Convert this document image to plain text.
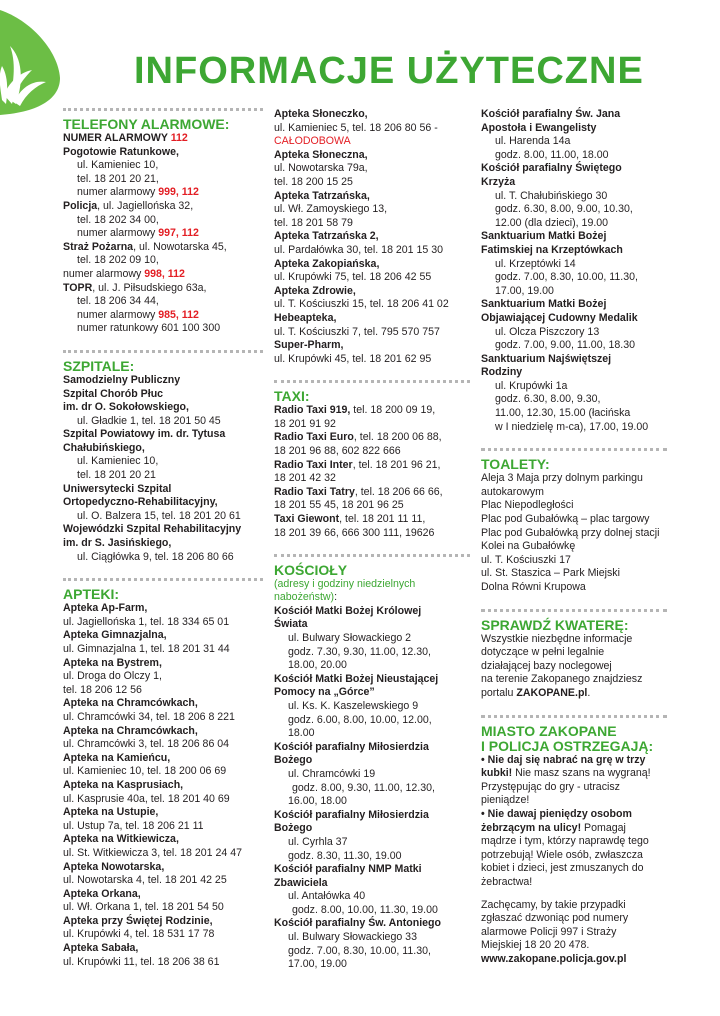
37
INFORMACJE UŻYTECZNE
TELEFONY ALARMOWE:
NUMER ALARMOWY 112
Pogotowie Ratunkowe,
ul. Kamieniec 10,
tel. 18 201 20 21,
numer alarmowy 999, 112
Policja, ul. Jagiellońska 32,
tel. 18 202 34 00,
numer alarmowy 997, 112
Straż Pożarna, ul. Nowotarska 45,
tel. 18 202 09 10,
numer alarmowy 998, 112
TOPR, ul. J. Piłsudskiego 63a,
tel. 18 206 34 44,
numer alarmowy 985, 112
numer ratunkowy 601 100 300
SZPITALE:
Samodzielny Publiczny
Szpital Chorób Płuc
im. dr O. Sokołowskiego,
ul. Gładkie 1, tel. 18 201 50 45
Szpital Powiatowy im. dr. Tytusa
Chałubińskiego,
ul. Kamieniec 10,
tel. 18 201 20 21
Uniwersytecki Szpital
Ortopedyczno-Rehabilitacyjny,
ul. O. Balzera 15, tel. 18 201 20 61
Wojewódzki Szpital Rehabilitacyjny
im. dr S. Jasińskiego,
ul. Ciągłówka 9, tel. 18 206 80 66
APTEKI:
Apteka Ap-Farm,
ul. Jagiellońska 1, tel. 18 334 65 01
Apteka Gimnazjalna,
ul. Gimnazjalna 1, tel. 18 201 31 44
Apteka na Bystrem,
ul. Droga do Olczy 1,
tel. 18 206 12 56
Apteka na Chramcówkach,
ul. Chramcówki 34, tel. 18 206 8 221
Apteka na Chramcówkach,
ul. Chramcówki 3, tel. 18 206 86 04
Apteka na Kamieńcu,
ul. Kamieniec 10, tel. 18 200 06 69
Apteka na Kasprusiach,
ul. Kasprusie 40a, tel. 18 201 40 69
Apteka na Ustupie,
ul. Ustup 7a, tel. 18 206 21 11
Apteka na Witkiewicza,
ul. St. Witkiewicza 3, tel. 18 201 24 47
Apteka Nowotarska,
ul. Nowotarska 4, tel. 18 201 42 25
Apteka Orkana,
ul. Wł. Orkana 1, tel. 18 201 54 50
Apteka przy Świętej Rodzinie,
ul. Krupówki 4, tel. 18 531 17 78
Apteka Sabała,
ul. Krupówki 11, tel. 18 206 38 61
Apteka Słoneczko,
ul. Kamieniec 5, tel. 18 206 80 56 -
CAŁODOBOWA
Apteka Słoneczna,
ul. Nowotarska 79a,
tel. 18 200 15 25
Apteka Tatrzańska,
ul. Wł. Zamoyskiego 13,
tel. 18 201 58 79
Apteka Tatrzańska 2,
ul. Pardałówka 30, tel. 18 201 15 30
Apteka Zakopiańska,
ul. Krupówki 75, tel. 18 206 42 55
Apteka Zdrowie,
ul. T. Kościuszki 15, tel. 18 206 41 02
Hebeapteka,
ul. T. Kościuszki 7, tel. 795 570 757
Super-Pharm,
ul. Krupówki 45, tel. 18 201 62 95
TAXI:
Radio Taxi 919, tel. 18 200 09 19,
18 201 91 92
Radio Taxi Euro, tel. 18 200 06 88,
18 201 96 88, 602 822 666
Radio Taxi Inter, tel. 18 201 96 21,
18 201 42 32
Radio Taxi Tatry, tel. 18 206 66 66,
18 201 55 45, 18 201 96 25
Taxi Giewont, tel. 18 201 11 11,
18 201 39 66, 666 300 111, 19626
KOŚCIOŁY
(adresy i godziny niedzielnych
nabożeństw):
Kościół Matki Bożej Królowej
Świata
ul. Bulwary Słowackiego 2
godz. 7.30, 9.30, 11.00, 12.30,
18.00, 20.00
Kościół Matki Bożej Nieustającej
Pomocy na „Górce”
ul. Ks. K. Kaszelewskiego 9
godz. 6.00, 8.00, 10.00, 12.00,
18.00
Kościół parafialny Miłosierdzia
Bożego
ul. Chramcówki 19
godz. 8.00, 9.30, 11.00, 12.30,
16.00, 18.00
Kościół parafialny Miłosierdzia
Bożego
ul. Cyrhla 37
godz. 8.30, 11.30, 19.00
Kościół parafialny NMP Matki
Zbawiciela
ul. Antałówka 40
godz. 8.00, 10.00, 11.30, 19.00
Kościół parafialny Św. Antoniego
ul. Bulwary Słowackiego 33
godz. 7.00, 8.30, 10.00, 11.30,
17.00, 19.00
Kościół parafialny Św. Jana
Apostoła i Ewangelisty
ul. Harenda 14a
godz. 8.00, 11.00, 18.00
Kościół parafialny Świętego
Krzyża
ul. T. Chałubińskiego 30
godz. 6.30, 8.00, 9.00, 10.30,
12.00 (dla dzieci), 19.00
Sanktuarium Matki Bożej
Fatimskiej na Krzeptówkach
ul. Krzeptówki 14
godz. 7.00, 8.30, 10.00, 11.30,
17.00, 19.00
Sanktuarium Matki Bożej
Objawiającej Cudowny Medalik
ul. Olcza Piszczory 13
godz. 7.00, 9.00, 11.00, 18.30
Sanktuarium Najświętszej
Rodziny
ul. Krupówki 1a
godz. 6.30, 8.00, 9.30,
11.00, 12.30, 15.00 (łacińska
w I niedzielę m-ca), 17.00, 19.00
TOALETY:
Aleja 3 Maja przy dolnym parkingu
autokarowym
Plac Niepodległości
Plac pod Gubałówką – plac targowy
Plac pod Gubałówką przy dolnej stacji
Kolei na Gubałówkę
ul. T. Kościuszki 17
ul. St. Staszica – Park Miejski
Dolna Równi Krupowa
SPRAWDŹ KWATERĘ:
Wszystkie niezbędne informacje
dotyczące w pełni legalnie
działającej bazy noclegowej
na terenie Zakopanego znajdziesz
portalu ZAKOPANE.pl.
MIASTO ZAKOPANE
I POLICJA OSTRZEGAJĄ:
• Nie daj się nabrać na grę w trzy
kubki! Nie masz szans na wygraną!
Przystępując do gry - utracisz
pieniądze!
• Nie dawaj pieniędzy osobom
żebrzącym na ulicy! Pomagaj
mądrze i tym, którzy naprawdę tego
potrzebują! Wiele osób, zwłaszcza
kobiet i dzieci, jest zmuszanych do
żebractwa!
Zachęcamy, by takie przypadki
zgłaszać dzwoniąc pod numery
alarmowe Policji 997 i Straży
Miejskiej 18 20 20 478.
www.zakopane.policja.gov.pl
